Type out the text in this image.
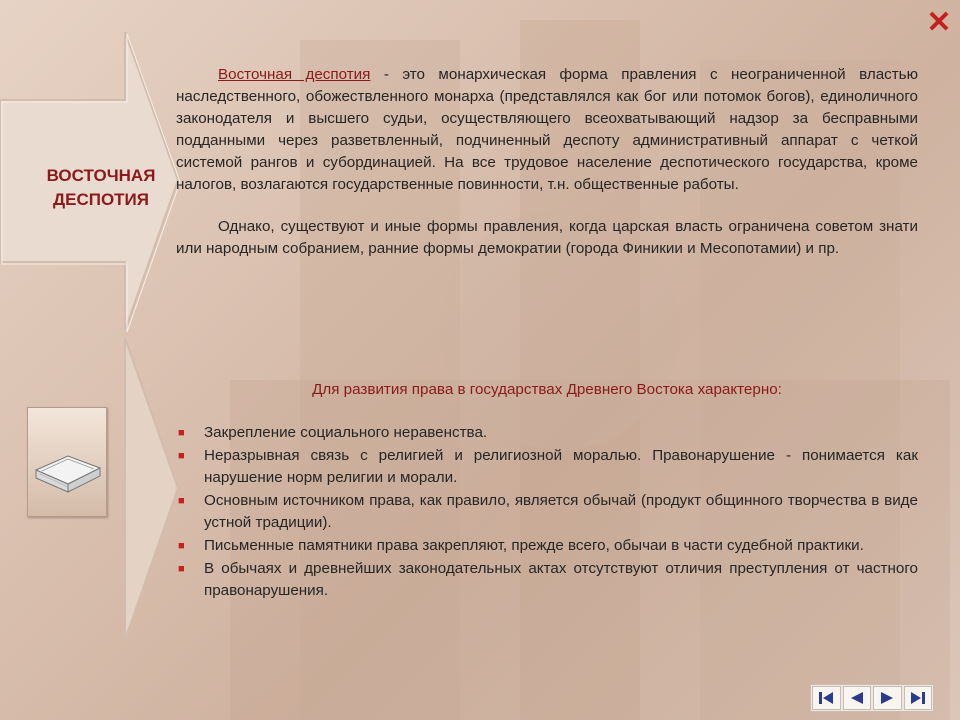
ВОСТОЧНАЯ ДЕСПОТИЯ
✕

Восточная деспотия - это монархическая форма правления с неограниченной властью наследственного, обожествленного монарха (представлялся как бог или потомок богов), единоличного законодателя и высшего судьи, осуществляющего всеохватывающий надзор за бесправными подданными через разветвленный, подчиненный деспоту административный аппарат с четкой системой рангов и субординацией. На все трудовое население деспотического государства, кроме налогов, возлагаются государственные повинности, т.н. общественные работы.

Однако, существуют и иные формы правления, когда царская власть ограничена советом знати или народным собранием, ранние формы демократии (города Финикии и Месопотамии) и пр.

Для развития права в государствах Древнего Востока характерно:
■ Закрепление социального неравенства.
■ Неразрывная связь с религией и религиозной моралью. Правонарушение - понимается как нарушение норм религии и морали.
■ Основным источником права, как правило, является обычай (продукт общинного творчества в виде устной традиции).
■ Письменные памятники права закрепляют, прежде всего, обычаи в части судебной практики.
■ В обычаях и древнейших законодательных актах отсутствуют отличия преступления от частного правонарушения.
